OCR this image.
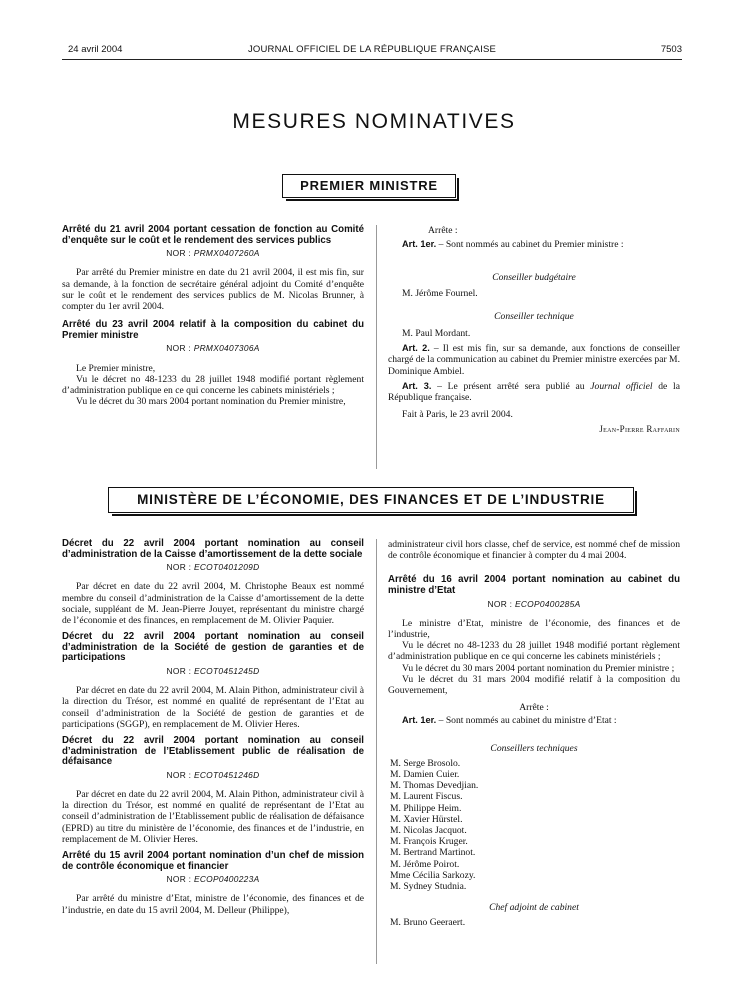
24 avril 2004	JOURNAL OFFICIEL DE LA RÉPUBLIQUE FRANÇAISE	7503
MESURES NOMINATIVES
PREMIER MINISTRE

Arrêté du 21 avril 2004 portant cessation de fonction au Comité d’enquête sur le coût et le rendement des services publics

NOR : PRMX0407260A

Par arrêté du Premier ministre en date du 21 avril 2004, il est mis fin, sur sa demande, à la fonction de secrétaire général adjoint du Comité d’enquête sur le coût et le rendement des services publics de M. Nicolas Brunner, à compter du 1er avril 2004.

Arrêté du 23 avril 2004 relatif à la composition du cabinet du Premier ministre

NOR : PRMX0407306A

Le Premier ministre,

Vu le décret no 48-1233 du 28 juillet 1948 modifié portant règlement d’administration publique en ce qui concerne les cabinets ministériels ;

Vu le décret du 30 mars 2004 portant nomination du Premier ministre,

Arrête :

Art. 1er. – Sont nommés au cabinet du Premier ministre :

Conseiller budgétaire

M. Jérôme Fournel.

Conseiller technique

M. Paul Mordant.

Art. 2. – Il est mis fin, sur sa demande, aux fonctions de conseiller chargé de la communication au cabinet du Premier ministre exercées par M. Dominique Ambiel.

Art. 3. – Le présent arrêté sera publié au Journal officiel de la République française.

Fait à Paris, le 23 avril 2004.

Jean-Pierre Raffarin

MINISTÈRE DE L’ÉCONOMIE, DES FINANCES ET DE L’INDUSTRIE

Décret du 22 avril 2004 portant nomination au conseil d’administration de la Caisse d’amortissement de la dette sociale

NOR : ECOT0401209D

Par décret en date du 22 avril 2004, M. Christophe Beaux est nommé membre du conseil d’administration de la Caisse d’amortissement de la dette sociale, suppléant de M. Jean-Pierre Jouyet, représentant du ministre chargé de l’économie et des finances, en remplacement de M. Olivier Paquier.

Décret du 22 avril 2004 portant nomination au conseil d’administration de la Société de gestion de garanties et de participations

NOR : ECOT0451245D

Par décret en date du 22 avril 2004, M. Alain Pithon, administrateur civil à la direction du Trésor, est nommé en qualité de représentant de l’Etat au conseil d’administration de la Société de gestion de garanties et de participations (SGGP), en remplacement de M. Olivier Heres.

Décret du 22 avril 2004 portant nomination au conseil d’administration de l’Etablissement public de réalisation de défaisance

NOR : ECOT0451246D

Par décret en date du 22 avril 2004, M. Alain Pithon, administrateur civil à la direction du Trésor, est nommé en qualité de représentant de l’Etat au conseil d’administration de l’Etablissement public de réalisation de défaisance (EPRD) au titre du ministère de l’économie, des finances et de l’industrie, en remplacement de M. Olivier Heres.

Arrêté du 15 avril 2004 portant nomination d’un chef de mission de contrôle économique et financier

NOR : ECOP0400223A

Par arrêté du ministre d’Etat, ministre de l’économie, des finances et de l’industrie, en date du 15 avril 2004, M. Delleur (Philippe),

administrateur civil hors classe, chef de service, est nommé chef de mission de contrôle économique et financier à compter du 4 mai 2004.

Arrêté du 16 avril 2004 portant nomination au cabinet du ministre d’Etat

NOR : ECOP0400285A

Le ministre d’Etat, ministre de l’économie, des finances et de l’industrie,

Vu le décret no 48-1233 du 28 juillet 1948 modifié portant règlement d’administration publique en ce qui concerne les cabinets ministériels ;

Vu le décret du 30 mars 2004 portant nomination du Premier ministre ;

Vu le décret du 31 mars 2004 modifié relatif à la composition du Gouvernement,

Arrête :

Art. 1er. – Sont nommés au cabinet du ministre d’Etat :

Conseillers techniques

M. Serge Brosolo.

M. Damien Cuier.

M. Thomas Devedjian.

M. Laurent Fiscus.

M. Philippe Heim.

M. Xavier Hürstel.

M. Nicolas Jacquot.

M. François Kruger.

M. Bertrand Martinot.

M. Jérôme Poirot.

Mme Cécilia Sarkozy.

M. Sydney Studnia.

Chef adjoint de cabinet

M. Bruno Geeraert.
